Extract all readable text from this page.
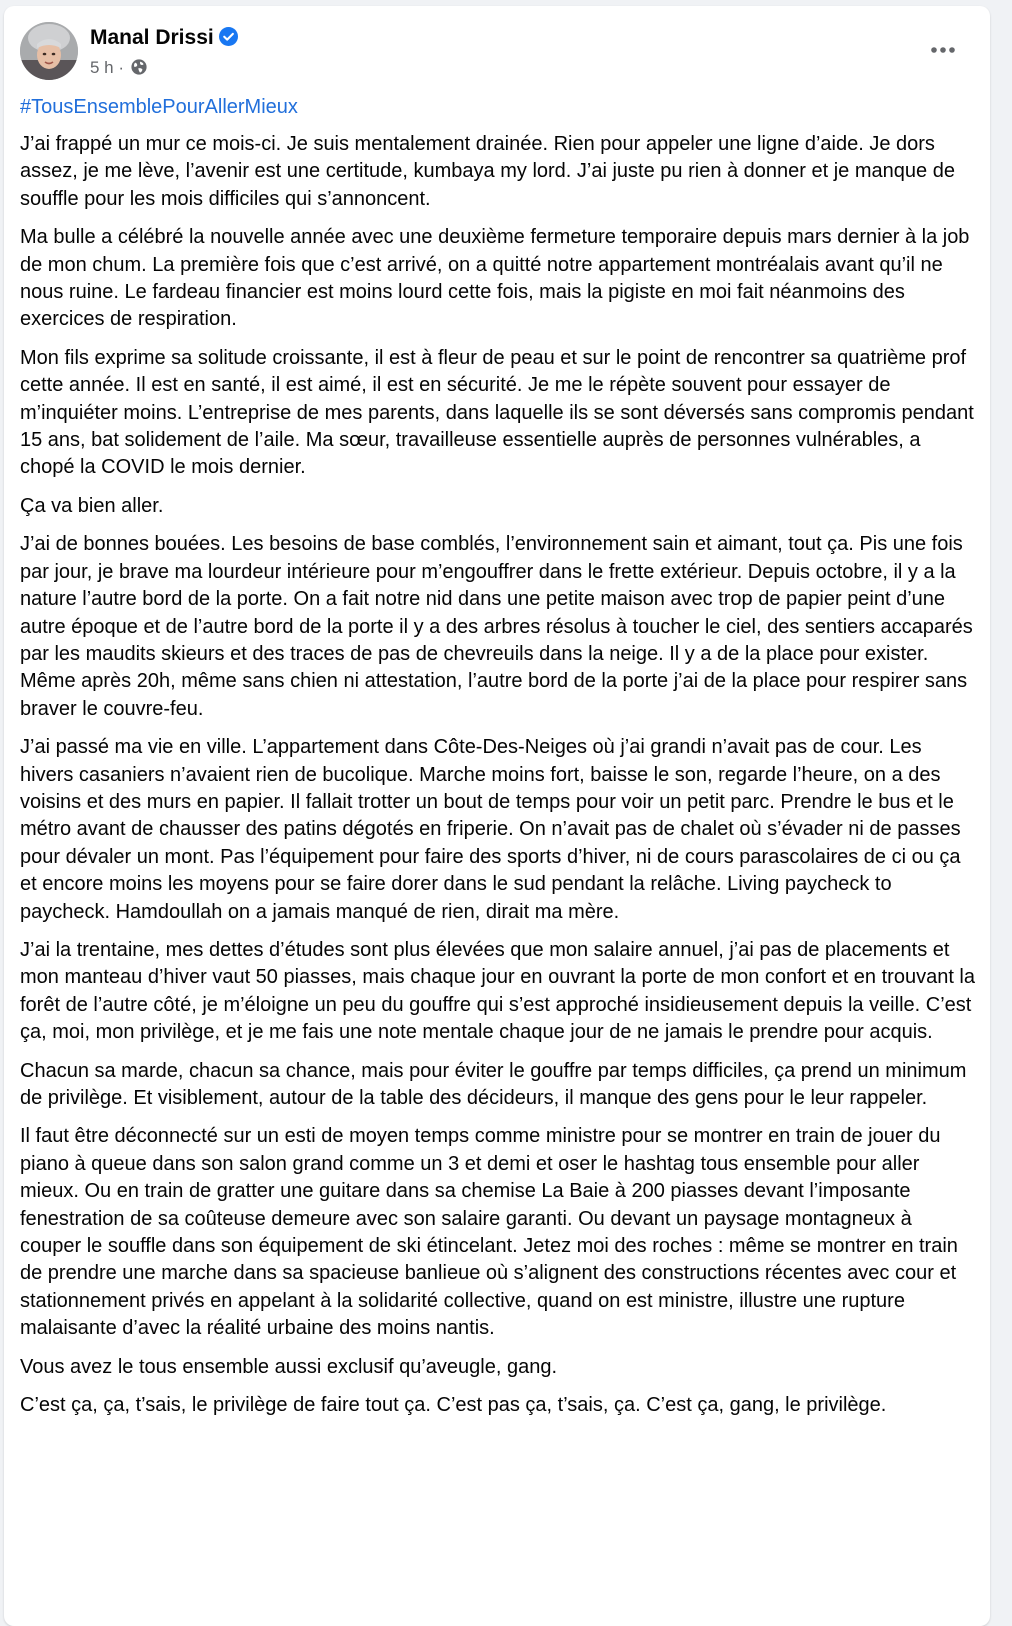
Manal Drissi
5 h ·
#TousEnsemblePourAllerMieux

J’ai frappé un mur ce mois-ci. Je suis mentalement drainée. Rien pour appeler une ligne d’aide. Je dors assez, je me lève, l’avenir est une certitude, kumbaya my lord. J’ai juste pu rien à donner et je manque de souffle pour les mois difficiles qui s’annoncent.

Ma bulle a célébré la nouvelle année avec une deuxième fermeture temporaire depuis mars dernier à la job de mon chum. La première fois que c’est arrivé, on a quitté notre appartement montréalais avant qu’il ne nous ruine. Le fardeau financier est moins lourd cette fois, mais la pigiste en moi fait néanmoins des exercices de respiration.

Mon fils exprime sa solitude croissante, il est à fleur de peau et sur le point de rencontrer sa quatrième prof cette année. Il est en santé, il est aimé, il est en sécurité. Je me le répète souvent pour essayer de m’inquiéter moins. L’entreprise de mes parents, dans laquelle ils se sont déversés sans compromis pendant 15 ans, bat solidement de l’aile. Ma sœur, travailleuse essentielle auprès de personnes vulnérables, a chopé la COVID le mois dernier.

Ça va bien aller.

J’ai de bonnes bouées. Les besoins de base comblés, l’environnement sain et aimant, tout ça. Pis une fois par jour, je brave ma lourdeur intérieure pour m’engouffrer dans le frette extérieur. Depuis octobre, il y a la nature l’autre bord de la porte. On a fait notre nid dans une petite maison avec trop de papier peint d’une autre époque et de l’autre bord de la porte il y a des arbres résolus à toucher le ciel, des sentiers accaparés par les maudits skieurs et des traces de pas de chevreuils dans la neige. Il y a de la place pour exister. Même après 20h, même sans chien ni attestation, l’autre bord de la porte j’ai de la place pour respirer sans braver le couvre-feu.

J’ai passé ma vie en ville. L’appartement dans Côte-Des-Neiges où j’ai grandi n’avait pas de cour. Les hivers casaniers n’avaient rien de bucolique. Marche moins fort, baisse le son, regarde l’heure, on a des voisins et des murs en papier. Il fallait trotter un bout de temps pour voir un petit parc. Prendre le bus et le métro avant de chausser des patins dégotés en friperie. On n’avait pas de chalet où s’évader ni de passes pour dévaler un mont. Pas l’équipement pour faire des sports d’hiver, ni de cours parascolaires de ci ou ça et encore moins les moyens pour se faire dorer dans le sud pendant la relâche. Living paycheck to paycheck. Hamdoullah on a jamais manqué de rien, dirait ma mère.

J’ai la trentaine, mes dettes d’études sont plus élevées que mon salaire annuel, j’ai pas de placements et mon manteau d’hiver vaut 50 piasses, mais chaque jour en ouvrant la porte de mon confort et en trouvant la forêt de l’autre côté, je m’éloigne un peu du gouffre qui s’est approché insidieusement depuis la veille. C’est ça, moi, mon privilège, et je me fais une note mentale chaque jour de ne jamais le prendre pour acquis.

Chacun sa marde, chacun sa chance, mais pour éviter le gouffre par temps difficiles, ça prend un minimum de privilège. Et visiblement, autour de la table des décideurs, il manque des gens pour le leur rappeler.

Il faut être déconnecté sur un esti de moyen temps comme ministre pour se montrer en train de jouer du piano à queue dans son salon grand comme un 3 et demi et oser le hashtag tous ensemble pour aller mieux. Ou en train de gratter une guitare dans sa chemise La Baie à 200 piasses devant l’imposante fenestration de sa coûteuse demeure avec son salaire garanti. Ou devant un paysage montagneux à couper le souffle dans son équipement de ski étincelant. Jetez moi des roches : même se montrer en train de prendre une marche dans sa spacieuse banlieue où s’alignent des constructions récentes avec cour et stationnement privés en appelant à la solidarité collective, quand on est ministre, illustre une rupture malaisante d’avec la réalité urbaine des moins nantis.

Vous avez le tous ensemble aussi exclusif qu’aveugle, gang.

C’est ça, ça, t’sais, le privilège de faire tout ça. C’est pas ça, t’sais, ça. C’est ça, gang, le privilège.
